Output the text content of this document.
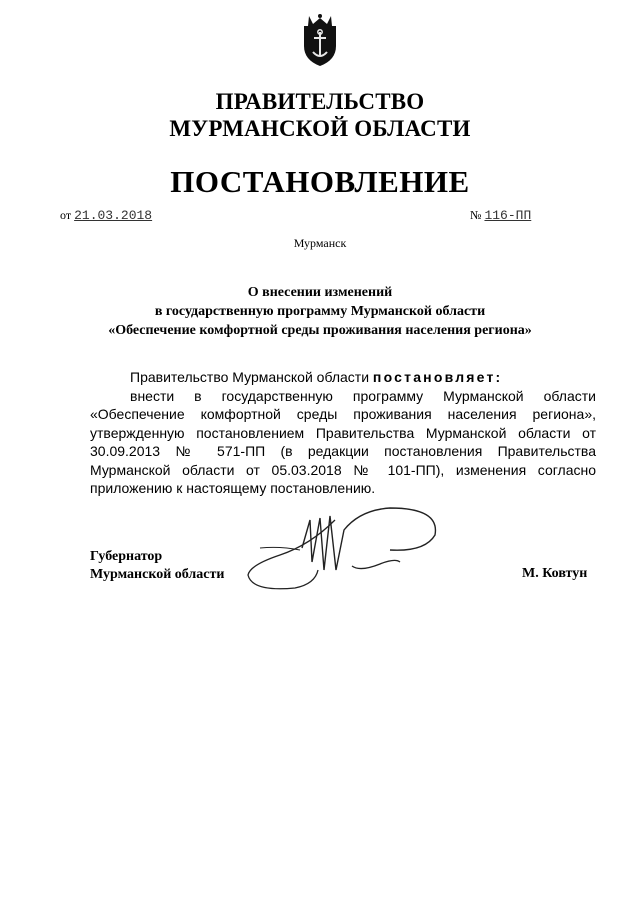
ПРАВИТЕЛЬСТВО
МУРМАНСКОЙ ОБЛАСТИ
ПОСТАНОВЛЕНИЕ
от 21.03.2018	№ 116-ПП
Мурманск
О внесении изменений
в государственную программу Мурманской области
«Обеспечение комфортной среды проживания населения региона»

Правительство Мурманской области постановляет:

внести в государственную программу Мурманской области «Обеспечение комфортной среды проживания населения региона», утвержденную постановлением Правительства Мурманской области от 30.09.2013 № 571-ПП (в редакции постановления Правительства Мурманской области от 05.03.2018 № 101-ПП), изменения согласно приложению к настоящему постановлению.

Губернатор
Мурманской области	М. Ковтун
